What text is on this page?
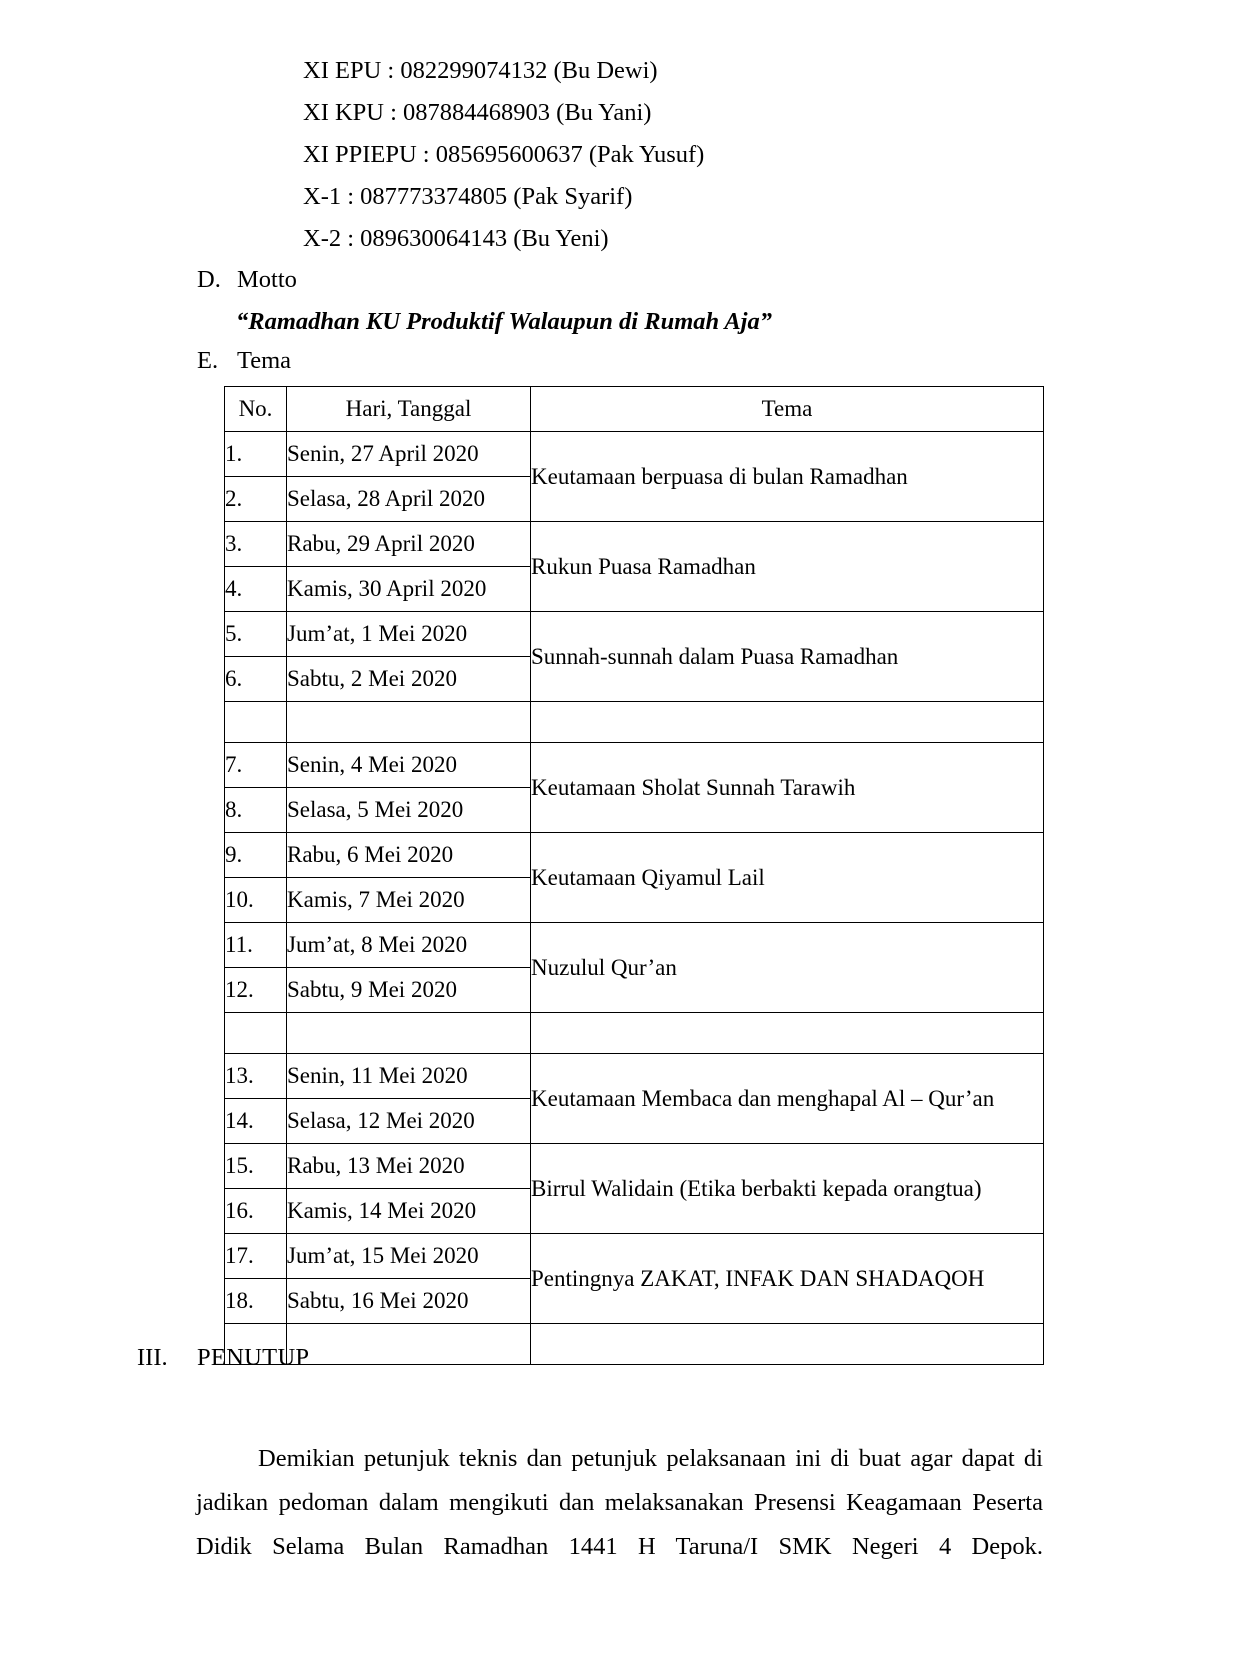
XI EPU : 082299074132 (Bu Dewi)
XI KPU : 087884468903 (Bu Yani)
XI PPIEPU : 085695600637 (Pak Yusuf)
X-1 : 087773374805 (Pak Syarif)
X-2 : 089630064143 (Bu Yeni)
D. Motto
“Ramadhan KU Produktif Walaupun di Rumah Aja”
E. Tema
No.	Hari, Tanggal	Tema
1.	Senin, 27 April 2020	Keutamaan berpuasa di bulan Ramadhan
2.	Selasa, 28 April 2020	
3.	Rabu, 29 April 2020	Rukun Puasa Ramadhan
4.	Kamis, 30 April 2020	
5.	Jum’at, 1 Mei 2020	Sunnah-sunnah dalam Puasa Ramadhan
6.	Sabtu, 2 Mei 2020	

7.	Senin, 4 Mei 2020	Keutamaan Sholat Sunnah Tarawih
8.	Selasa, 5 Mei 2020	
9.	Rabu, 6 Mei 2020	Keutamaan Qiyamul Lail
10.	Kamis, 7 Mei 2020	
11.	Jum’at, 8 Mei 2020	Nuzulul Qur’an
12.	Sabtu, 9 Mei 2020	

13.	Senin, 11 Mei 2020	Keutamaan Membaca dan menghapal Al – Qur’an
14.	Selasa, 12 Mei 2020	
15.	Rabu, 13 Mei 2020	Birrul Walidain (Etika berbakti kepada orangtua)
16.	Kamis, 14 Mei 2020	
17.	Jum’at, 15 Mei 2020	Pentingnya ZAKAT, INFAK DAN SHADAQOH
18.	Sabtu, 16 Mei 2020	

III.	PENUTUP

Demikian petunjuk teknis dan petunjuk pelaksanaan ini di buat agar dapat di jadikan pedoman dalam mengikuti dan melaksanakan Presensi Keagamaan Peserta Didik Selama Bulan Ramadhan 1441 H Taruna/I SMK Negeri 4 Depok.
